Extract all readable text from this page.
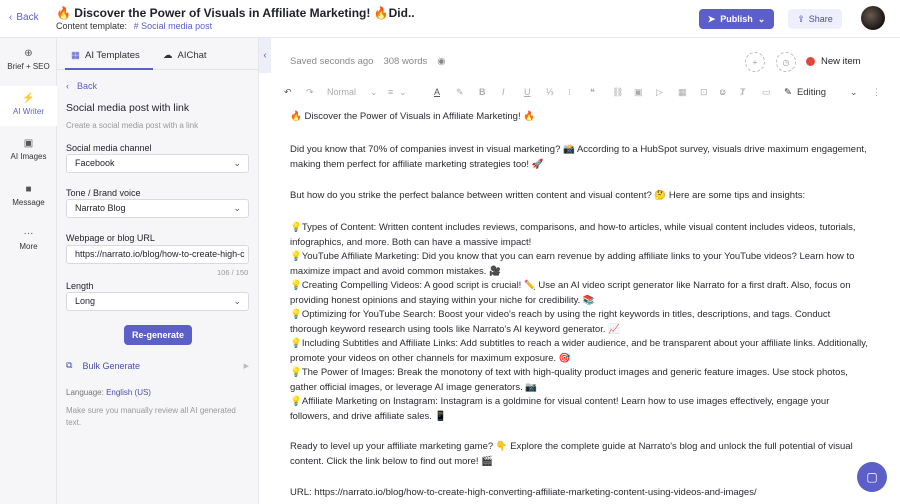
‹ Back 🔥 Discover the Power of Visuals in Affiliate Marketing! 🔥Did..
Content template: # Social media post
➤ Publish ⌄	⇪ Share
⊕
Brief + SEO
⚡
AI Writer
▣
AI Images
■
Message
···
More
▦ AI Templates ☁ AIChat
‹ Back
Social media post with link
Create a social media post with a link
Social media channel
Facebook	⌄
Tone / Brand voice
Narrato Blog	⌄
Webpage or blog URL
https://narrato.io/blog/how-to-create-high-c
106 / 150
Length
Long	⌄
Re-generate
⧉ Bulk Generate	▶
Language: English (US)
Make sure you manually review all AI generated text.
‹
Saved seconds ago 308 words ◉	+	◷	New item
↶ ↷ Normal ⌄ ≡ ⌄	A ✎ B I U ⅓ ⁝ ❝ ⛓ ▣ ▷ ▦ ⊡ ☺ Ⱦ ▭ ✎ Editing	⌄ ⋮

🔥 Discover the Power of Visuals in Affiliate Marketing! 🔥

Did you know that 70% of companies invest in visual marketing? 📸 According to a HubSpot survey, visuals drive maximum engagement, making them perfect for affiliate marketing strategies too! 🚀

But how do you strike the perfect balance between written content and visual content? 🤔 Here are some tips and insights:

💡Types of Content: Written content includes reviews, comparisons, and how-to articles, while visual content includes videos, tutorials, infographics, and more. Both can have a massive impact!

💡YouTube Affiliate Marketing: Did you know that you can earn revenue by adding affiliate links to your YouTube videos? Learn how to maximize impact and avoid common mistakes. 🎥

💡Creating Compelling Videos: A good script is crucial! ✏️ Use an AI video script generator like Narrato for a first draft. Also, focus on providing honest opinions and staying within your niche for credibility. 📚

💡Optimizing for YouTube Search: Boost your video's reach by using the right keywords in titles, descriptions, and tags. Conduct thorough keyword research using tools like Narrato's AI keyword generator. 📈

💡Including Subtitles and Affiliate Links: Add subtitles to reach a wider audience, and be transparent about your affiliate links. Additionally, promote your videos on other channels for maximum exposure. 🎯

💡The Power of Images: Break the monotony of text with high-quality product images and generic feature images. Use stock photos, gather official images, or leverage AI image generators. 📷

💡Affiliate Marketing on Instagram: Instagram is a goldmine for visual content! Learn how to use images effectively, engage your followers, and drive affiliate sales. 📱

Ready to level up your affiliate marketing game? 👇 Explore the complete guide at Narrato's blog and unlock the full potential of visual content. Click the link below to find out more! 🎬

URL: https://narrato.io/blog/how-to-create-high-converting-affiliate-marketing-content-using-videos-and-images/

▢
